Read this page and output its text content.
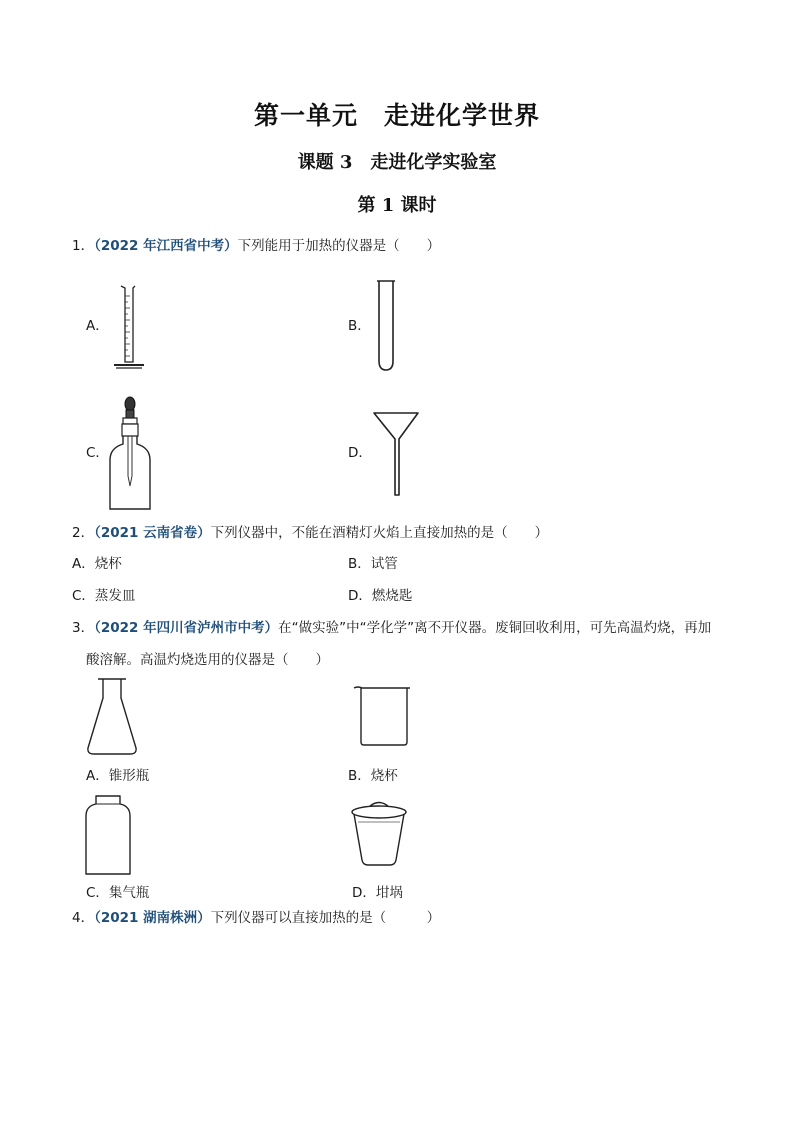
第一单元　走进化学世界
课题 3　走进化学实验室
第 1 课时
1．（2022 年江西省中考）下列能用于加热的仪器是（　　）
A．	B．
C．	D．
2．（2021 云南省卷）下列仪器中，不能在酒精灯火焰上直接加热的是（　　）
A．烧杯	B．试管
C．蒸发皿	D．燃烧匙
3．（2022 年四川省泸州市中考）在“做实验”中“学化学”离不开仪器。废铜回收利用，可先高温灼烧，再加
酸溶解。高温灼烧选用的仪器是（　　）
A．锥形瓶	B．烧杯
C．集气瓶	D．坩埚
4．（2021 湖南株洲）下列仪器可以直接加热的是（　　　）
